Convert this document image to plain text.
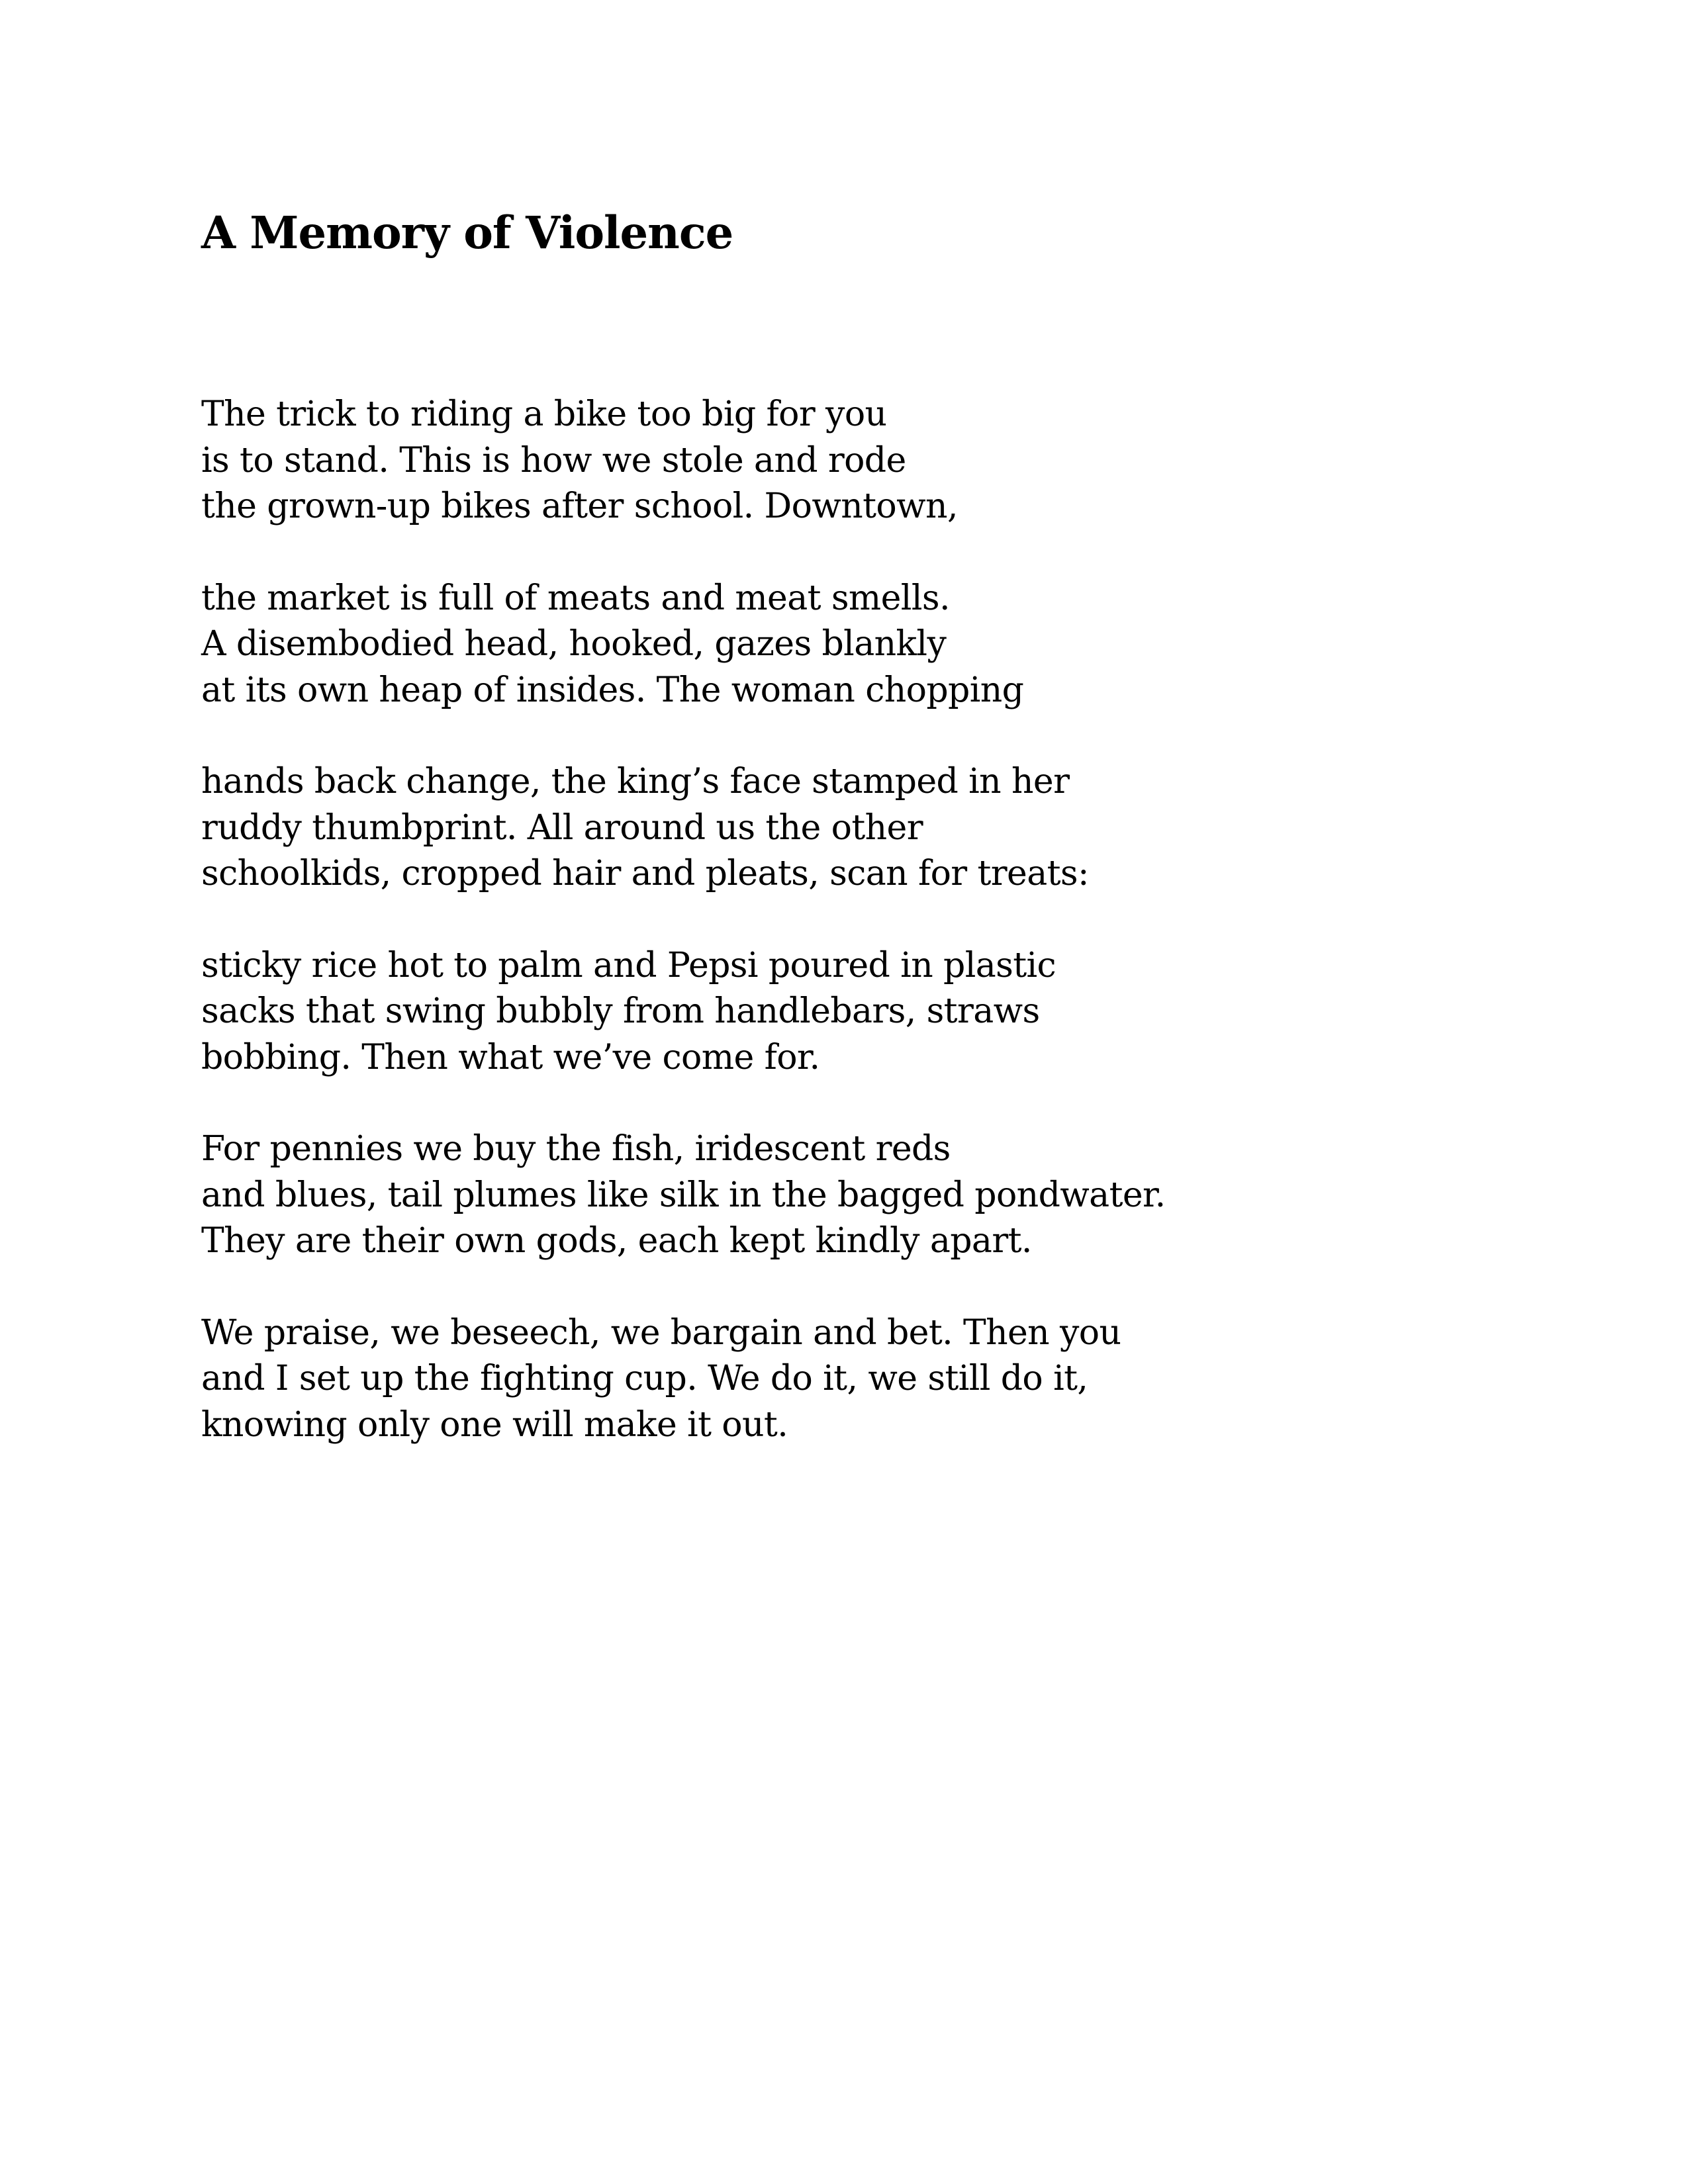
A Memory of Violence

The trick to riding a bike too big for you
is to stand. This is how we stole and rode
the grown-up bikes after school. Downtown,

the market is full of meats and meat smells.
A disembodied head, hooked, gazes blankly
at its own heap of insides. The woman chopping

hands back change, the king’s face stamped in her
ruddy thumbprint. All around us the other
schoolkids, cropped hair and pleats, scan for treats:

sticky rice hot to palm and Pepsi poured in plastic
sacks that swing bubbly from handlebars, straws
bobbing. Then what we’ve come for.

For pennies we buy the fish, iridescent reds
and blues, tail plumes like silk in the bagged pondwater.
They are their own gods, each kept kindly apart.

We praise, we beseech, we bargain and bet. Then you
and I set up the fighting cup. We do it, we still do it,
knowing only one will make it out.
